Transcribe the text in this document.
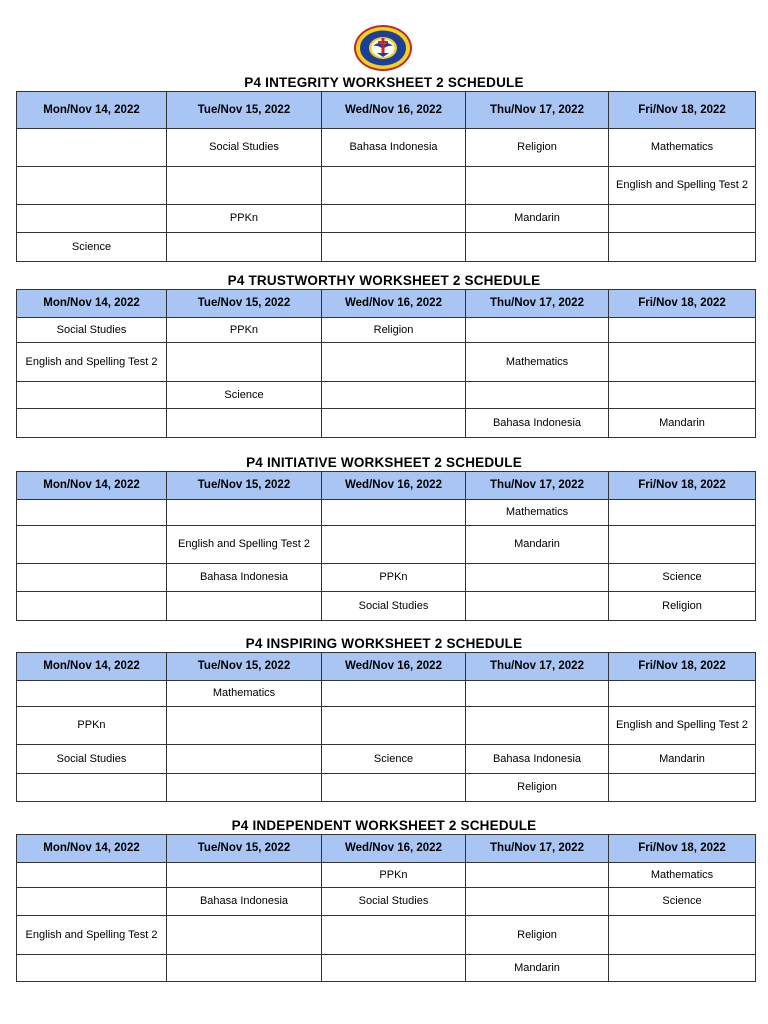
P4 INTEGRITY WORKSHEET 2 SCHEDULE
Mon/Nov 14, 2022	Tue/Nov 15, 2022	Wed/Nov 16, 2022	Thu/Nov 17, 2022	Fri/Nov 18, 2022
	Social Studies	Bahasa Indonesia	Religion	Mathematics
				English and Spelling Test 2
	PPKn		Mandarin	
Science				
P4 TRUSTWORTHY WORKSHEET 2 SCHEDULE
Mon/Nov 14, 2022	Tue/Nov 15, 2022	Wed/Nov 16, 2022	Thu/Nov 17, 2022	Fri/Nov 18, 2022
Social Studies	PPKn	Religion		
English and Spelling Test 2			Mathematics	
	Science			
			Bahasa Indonesia	Mandarin
P4 INITIATIVE WORKSHEET 2 SCHEDULE
Mon/Nov 14, 2022	Tue/Nov 15, 2022	Wed/Nov 16, 2022	Thu/Nov 17, 2022	Fri/Nov 18, 2022
			Mathematics	
	English and Spelling Test 2		Mandarin	
	Bahasa Indonesia	PPKn		Science
		Social Studies		Religion
P4 INSPIRING WORKSHEET 2 SCHEDULE
Mon/Nov 14, 2022	Tue/Nov 15, 2022	Wed/Nov 16, 2022	Thu/Nov 17, 2022	Fri/Nov 18, 2022
	Mathematics			
PPKn				English and Spelling Test 2
Social Studies		Science	Bahasa Indonesia	Mandarin
			Religion	
P4 INDEPENDENT WORKSHEET 2 SCHEDULE
Mon/Nov 14, 2022	Tue/Nov 15, 2022	Wed/Nov 16, 2022	Thu/Nov 17, 2022	Fri/Nov 18, 2022
		PPKn		Mathematics
	Bahasa Indonesia	Social Studies		Science
English and Spelling Test 2			Religion	
			Mandarin	
